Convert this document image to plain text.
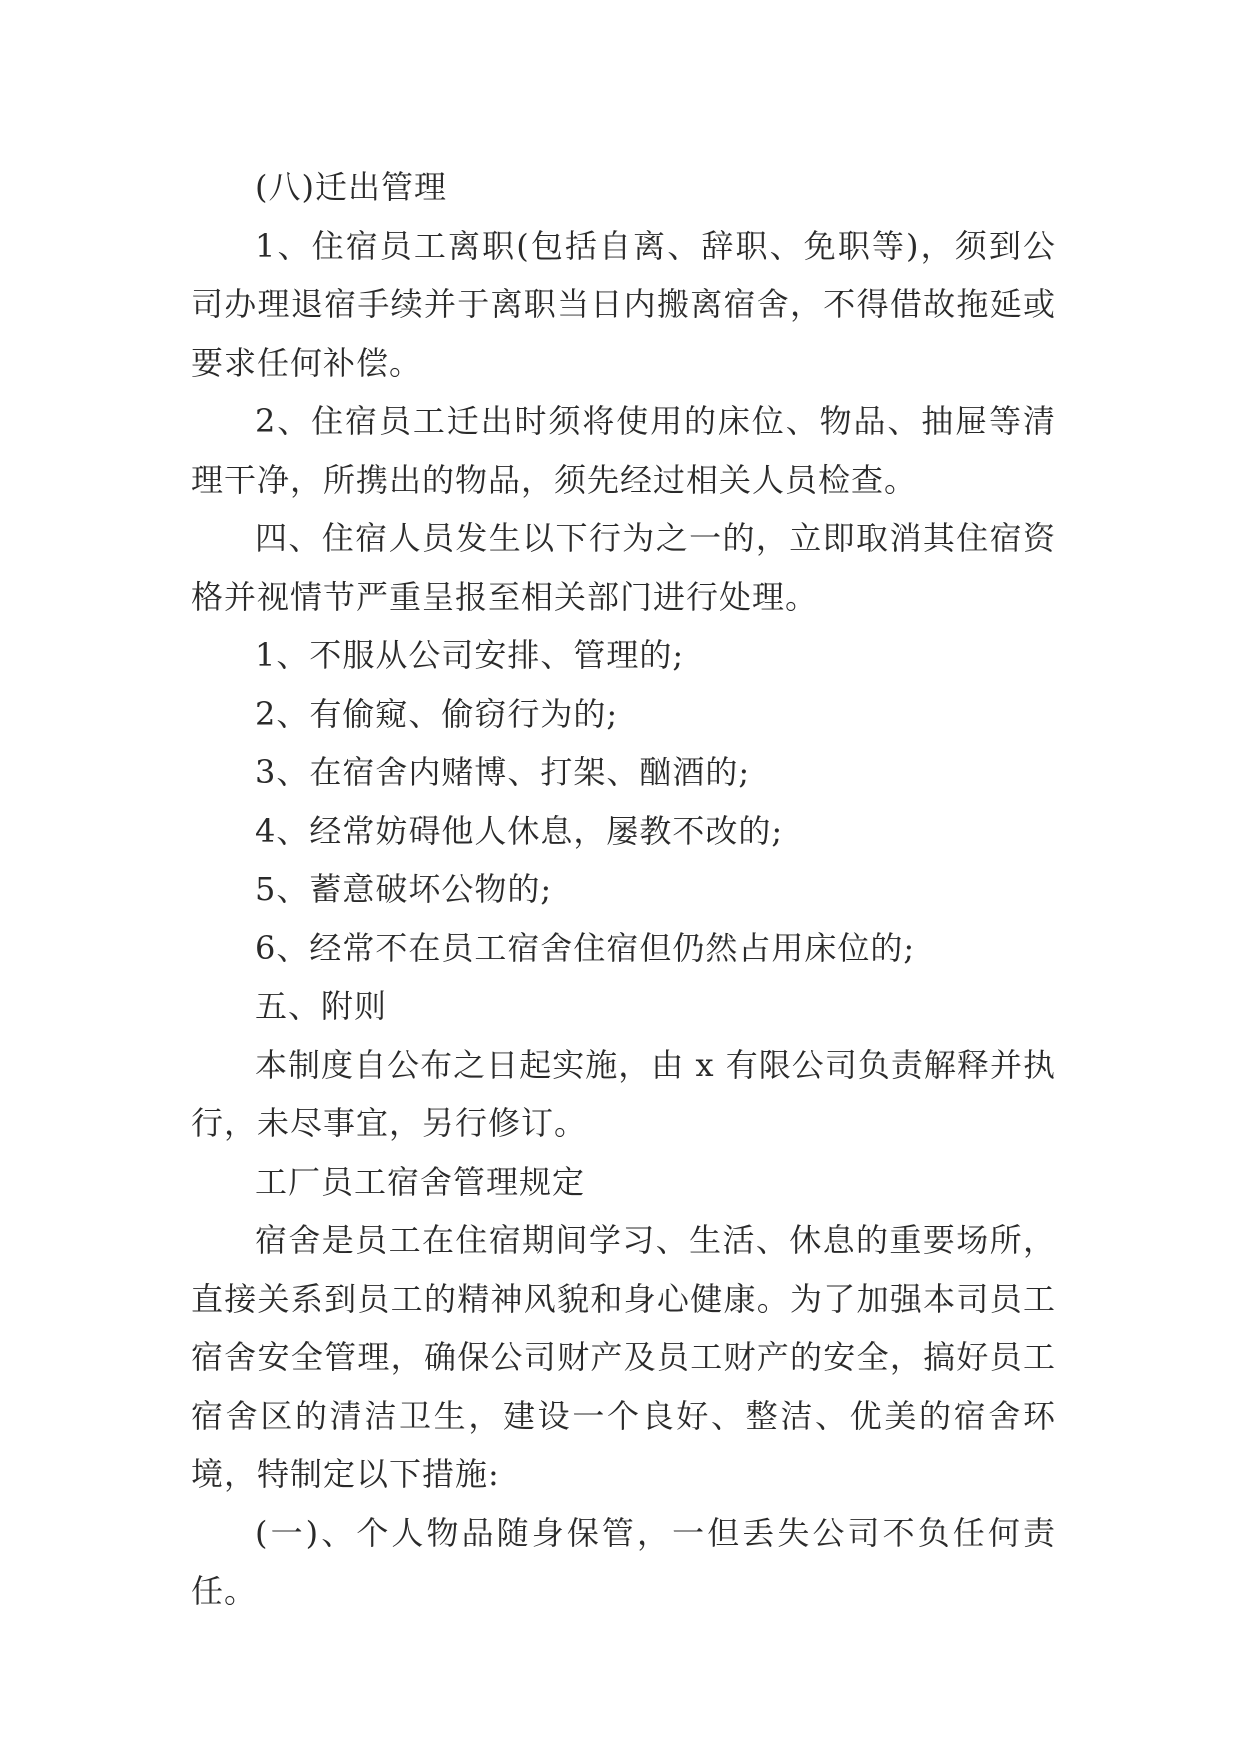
(八)迁出管理

1、住宿员工离职(包括自离、辞职、免职等)，须到公司办理退宿手续并于离职当日内搬离宿舍，不得借故拖延或要求任何补偿。

2、住宿员工迁出时须将使用的床位、物品、抽屉等清理干净，所携出的物品，须先经过相关人员检查。

四、住宿人员发生以下行为之一的，立即取消其住宿资格并视情节严重呈报至相关部门进行处理。

1、不服从公司安排、管理的;

2、有偷窥、偷窃行为的;

3、在宿舍内赌博、打架、酗酒的;

4、经常妨碍他人休息，屡教不改的;

5、蓄意破坏公物的;

6、经常不在员工宿舍住宿但仍然占用床位的;

五、附则

本制度自公布之日起实施，由 x 有限公司负责解释并执行，未尽事宜，另行修订。

工厂员工宿舍管理规定

宿舍是员工在住宿期间学习、生活、休息的重要场所，直接关系到员工的精神风貌和身心健康。为了加强本司员工宿舍安全管理，确保公司财产及员工财产的安全，搞好员工宿舍区的清洁卫生，建设一个良好、整洁、优美的宿舍环境，特制定以下措施:

(一)、个人物品随身保管，一但丢失公司不负任何责任。
